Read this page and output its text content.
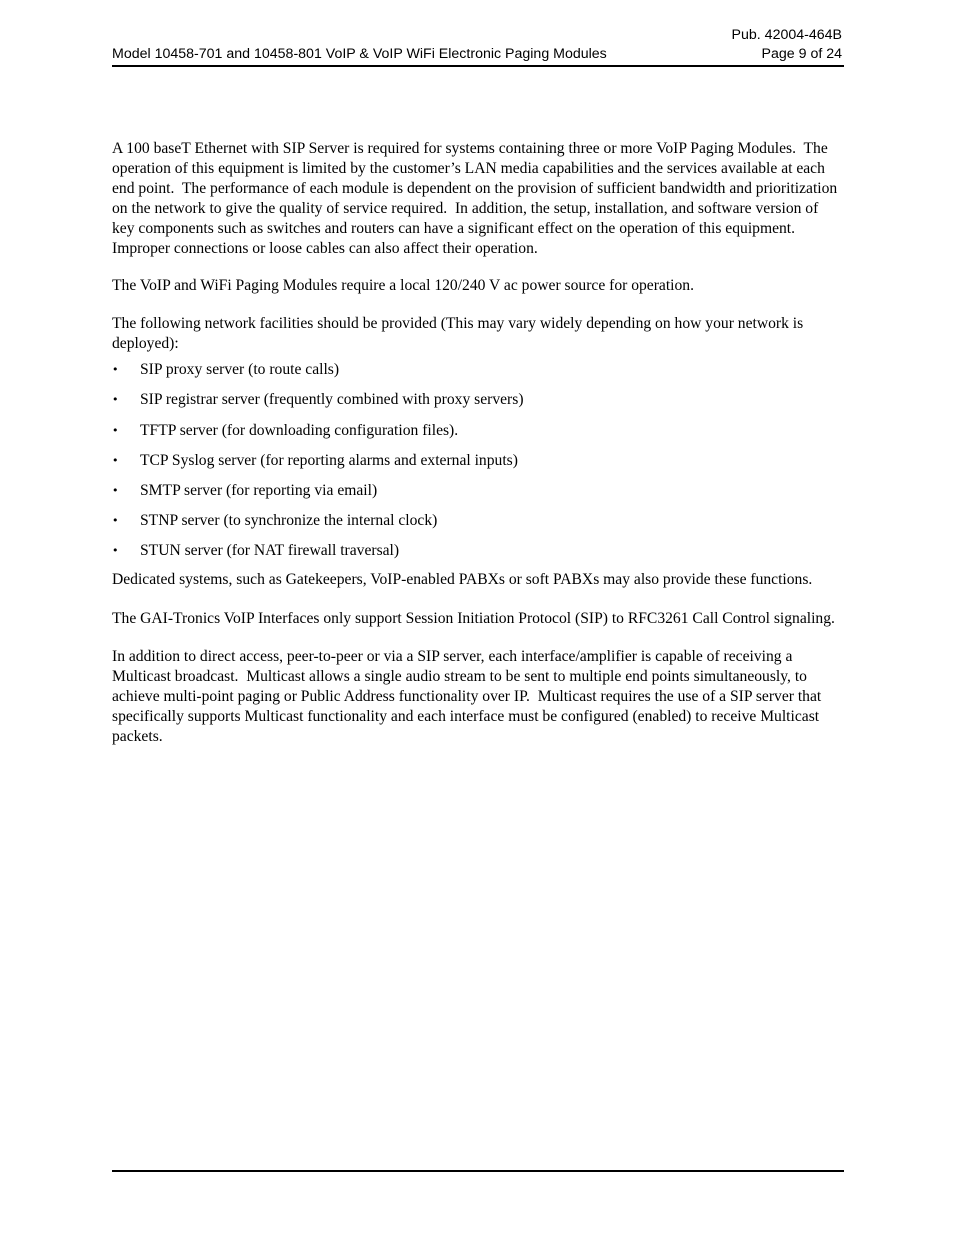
Pub. 42004-464B
Model 10458-701 and 10458-801 VoIP & VoIP WiFi Electronic Paging Modules	Page 9 of 24

A 100 baseT Ethernet with SIP Server is required for systems containing three or more VoIP Paging Modules.  The operation of this equipment is limited by the customer’s LAN media capabilities and the services available at each end point.  The performance of each module is dependent on the provision of sufficient bandwidth and prioritization on the network to give the quality of service required.  In addition, the setup, installation, and software version of key components such as switches and routers can have a significant effect on the operation of this equipment.  Improper connections or loose cables can also affect their operation.

The VoIP and WiFi Paging Modules require a local 120/240 V ac power source for operation.

The following network facilities should be provided (This may vary widely depending on how your network is deployed):

• SIP proxy server (to route calls)
• SIP registrar server (frequently combined with proxy servers)
• TFTP server (for downloading configuration files).
• TCP Syslog server (for reporting alarms and external inputs)
• SMTP server (for reporting via email)
• STNP server (to synchronize the internal clock)
• STUN server (for NAT firewall traversal)

Dedicated systems, such as Gatekeepers, VoIP-enabled PABXs or soft PABXs may also provide these functions.

The GAI-Tronics VoIP Interfaces only support Session Initiation Protocol (SIP) to RFC3261 Call Control signaling.

In addition to direct access, peer-to-peer or via a SIP server, each interface/amplifier is capable of receiving a Multicast broadcast.  Multicast allows a single audio stream to be sent to multiple end points simultaneously, to achieve multi-point paging or Public Address functionality over IP.  Multicast requires the use of a SIP server that specifically supports Multicast functionality and each interface must be configured (enabled) to receive Multicast packets.
